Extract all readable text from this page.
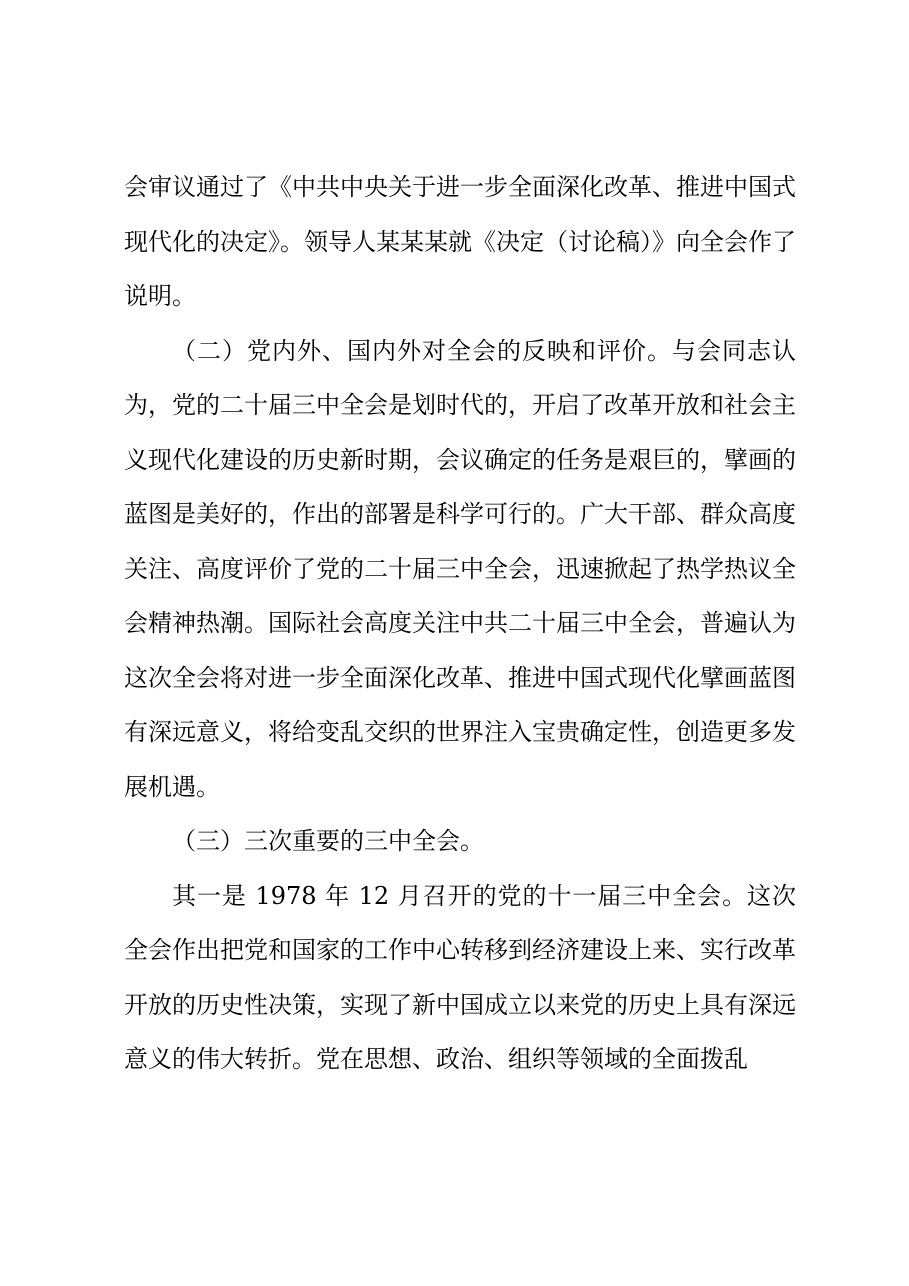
会审议通过了《中共中央关于进一步全面深化改革、推进中国式现代化的决定》。领导人某某某就《决定（讨论稿）》向全会作了说明。

（二）党内外、国内外对全会的反映和评价。与会同志认为，党的二十届三中全会是划时代的，开启了改革开放和社会主义现代化建设的历史新时期，会议确定的任务是艰巨的，擘画的蓝图是美好的，作出的部署是科学可行的。广大干部、群众高度关注、高度评价了党的二十届三中全会，迅速掀起了热学热议全会精神热潮。国际社会高度关注中共二十届三中全会，普遍认为这次全会将对进一步全面深化改革、推进中国式现代化擘画蓝图有深远意义，将给变乱交织的世界注入宝贵确定性，创造更多发展机遇。

（三）三次重要的三中全会。

其一是 1978 年 12 月召开的党的十一届三中全会。这次全会作出把党和国家的工作中心转移到经济建设上来、实行改革开放的历史性决策，实现了新中国成立以来党的历史上具有深远意义的伟大转折。党在思想、政治、组织等领域的全面拨乱
